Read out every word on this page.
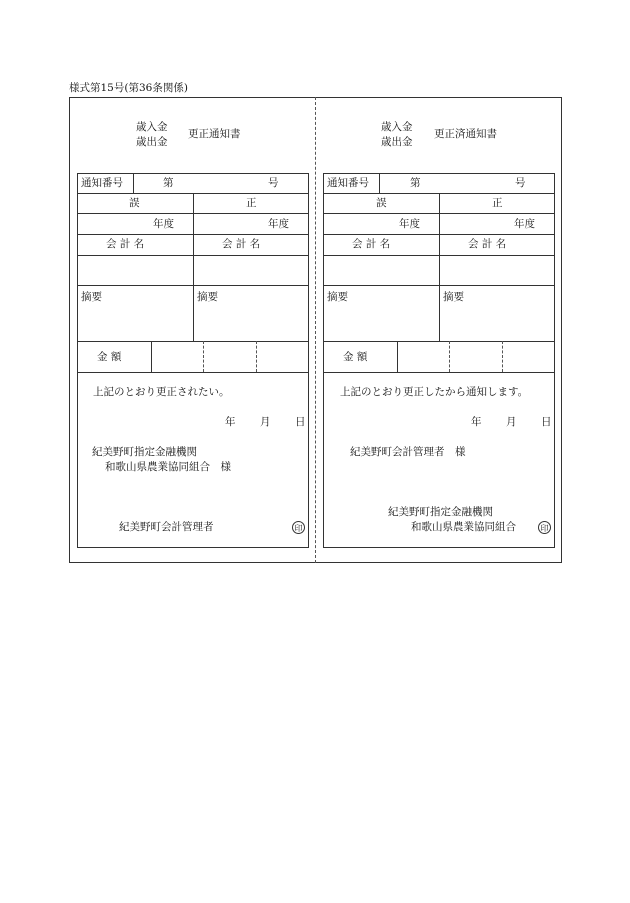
様式第15号(第36条関係)
歳入金
歳出金
更正通知書
通知番号	第	号
誤	正
年度	年度
会 計 名	会 計 名
摘要	摘要
金 額
上記のとおり更正されたい。
年 月 日
紀美野町指定金融機関
和歌山県農業協同組合　様
紀美野町会計管理者	印
歳入金
歳出金
更正済通知書
通知番号	第	号
誤	正
年度	年度
会 計 名	会 計 名
摘要	摘要
金 額
上記のとおり更正したから通知します。
年 月 日
紀美野町会計管理者　様
紀美野町指定金融機関
和歌山県農業協同組合	印
